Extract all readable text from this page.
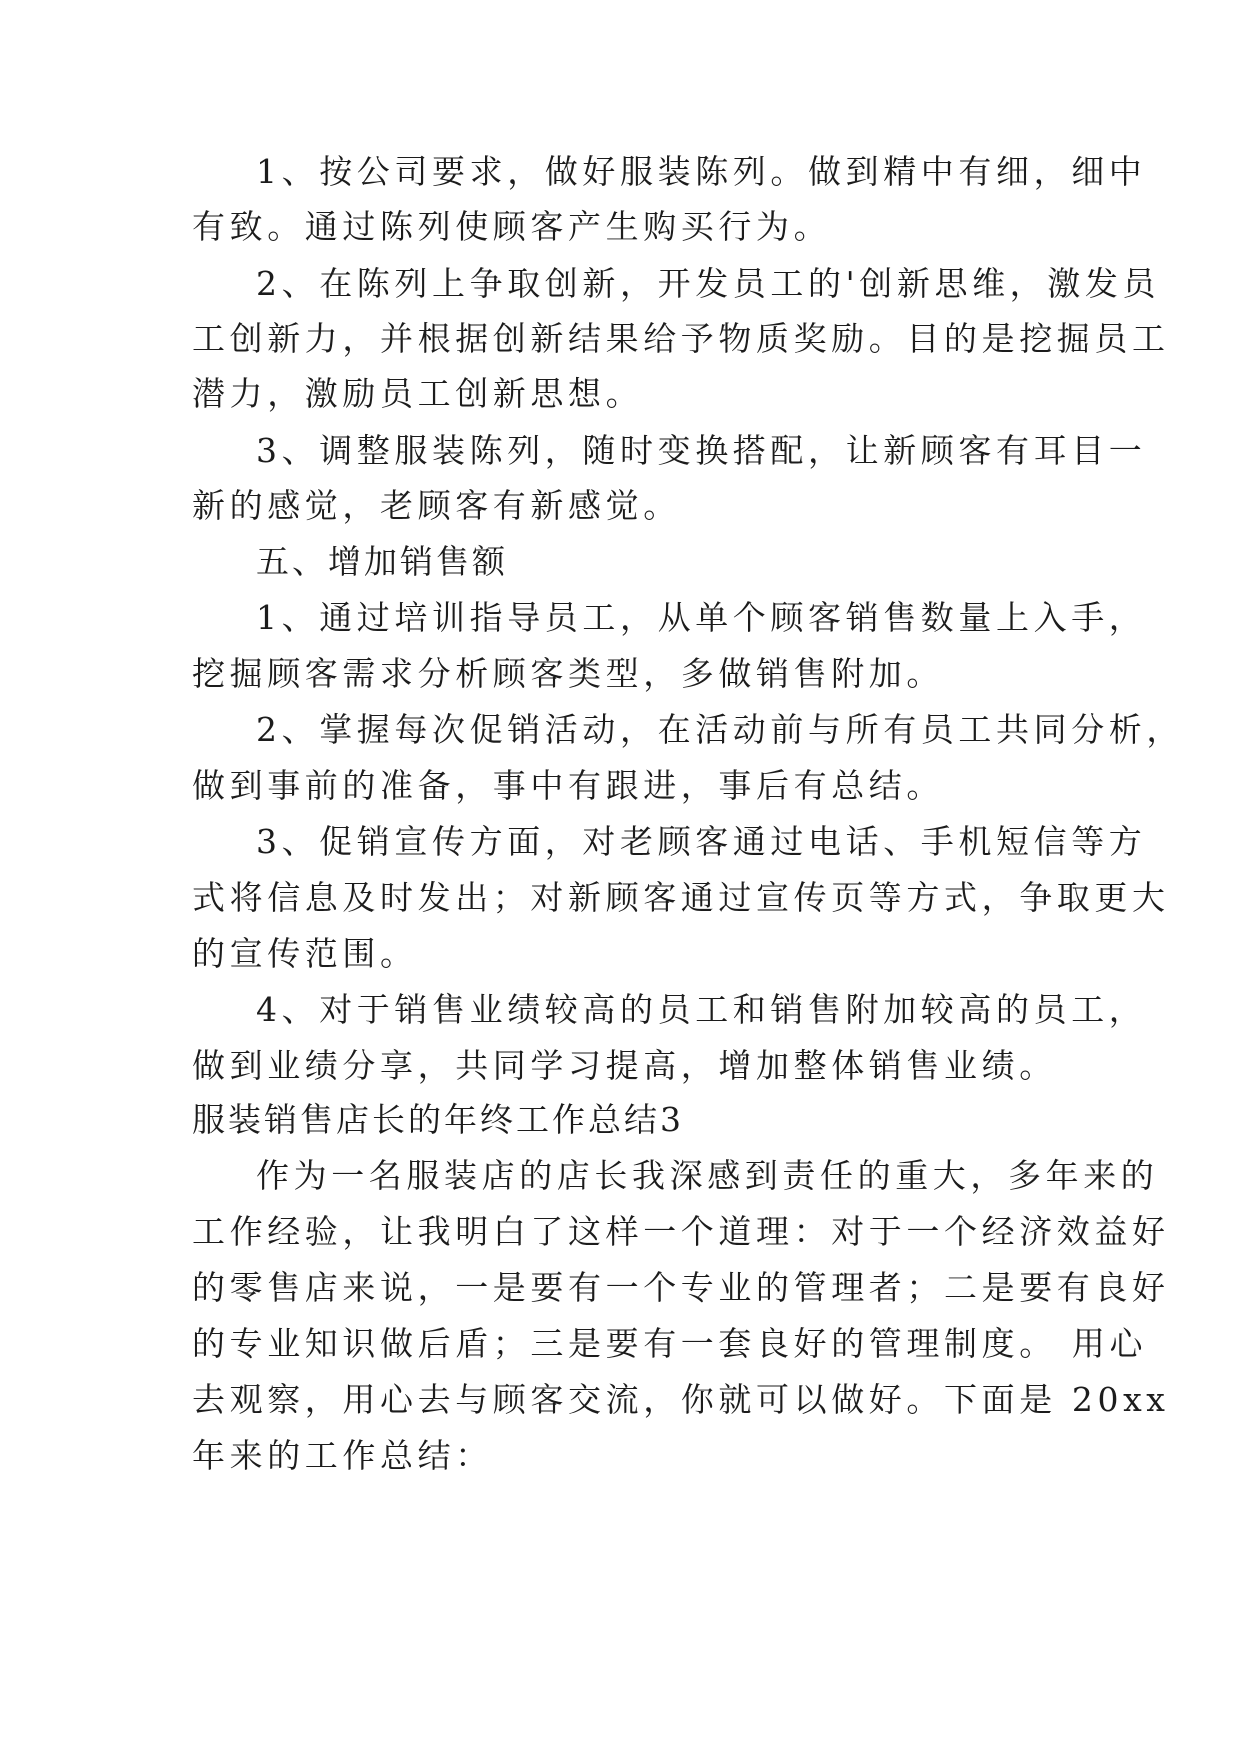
1、按公司要求，做好服装陈列。做到精中有细，细中
有致。通过陈列使顾客产生购买行为。
2、在陈列上争取创新，开发员工的'创新思维，激发员
工创新力，并根据创新结果给予物质奖励。目的是挖掘员工
潜力，激励员工创新思想。
3、调整服装陈列，随时变换搭配，让新顾客有耳目一
新的感觉，老顾客有新感觉。
五、增加销售额
1、通过培训指导员工，从单个顾客销售数量上入手，
挖掘顾客需求分析顾客类型，多做销售附加。
2、掌握每次促销活动，在活动前与所有员工共同分析，
做到事前的准备，事中有跟进，事后有总结。
3、促销宣传方面，对老顾客通过电话、手机短信等方
式将信息及时发出；对新顾客通过宣传页等方式，争取更大
的宣传范围。
4、对于销售业绩较高的员工和销售附加较高的员工，
做到业绩分享，共同学习提高，增加整体销售业绩。
服装销售店长的年终工作总结3
作为一名服装店的店长我深感到责任的重大，多年来的
工作经验，让我明白了这样一个道理：对于一个经济效益好
的零售店来说，一是要有一个专业的管理者；二是要有良好
的专业知识做后盾；三是要有一套良好的管理制度。 用心
去观察，用心去与顾客交流，你就可以做好。下面是 20xx
年来的工作总结：
